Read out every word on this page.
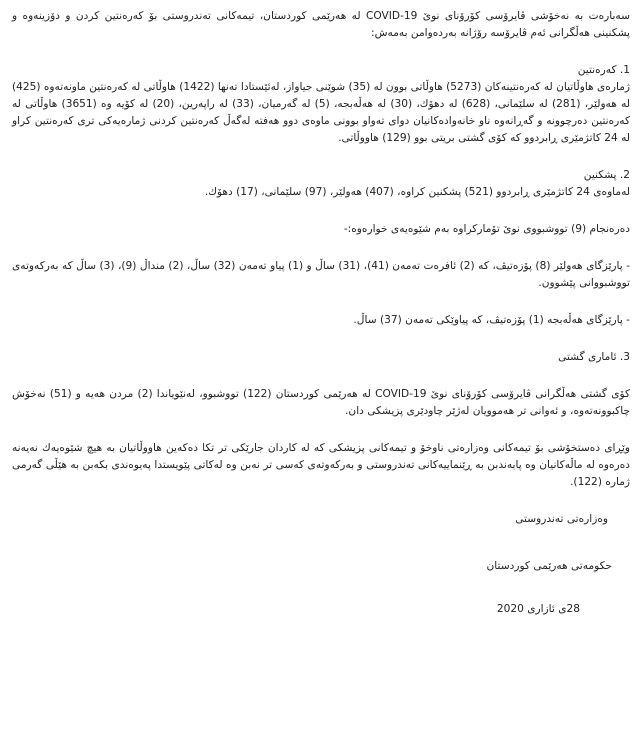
سەبارەت بە نەخۆشی ڤایرۆسی کۆرۆنای نوێ COVID-19 لە هەرێمی کوردستان، تیمەکانی تەندروستی بۆ کەرەنتین کردن و دۆزینەوە و پشکنینی هەڵگرانی ئەم ڤایرۆسە رۆژانە بەردەوامن بەمەش:

1. کەرەنتین

ژمارەی هاوڵاتیان لە کەرەنتینەکان (5273) هاوڵاتی بوون لە (35) شوێنی جیاواز، لەئێستادا تەنها (1422) هاوڵاتی لە کەرەنتین ماونەتەوە (425) لە هەولێر، (281) لە سلێمانی، (628) لە دهۆك، (30) لە هەڵەبجە، (5) لە گەرمیان، (33) لە راپەرین، (20) لە کۆیە وە (3651) هاوڵاتی لە کەرەنتین دەرچوونە و گەڕانەوە ناو خانەوادەکانیان دوای تەواو بوونی ماوەی دوو هەفتە لەگەڵ کەرەنتین کردنی ژمارەیەکی تری کەرەنتین کراو لە 24 کاتژمێری ڕابردوو کە کۆی گشتی بریتی بوو (129) هاووڵاتی.

2. پشکنین

لەماوەی 24 کاتژمێری ڕابردوو (521) پشکنین کراوە، (407) هەولێر، (97) سلێمانی، (17) دهۆك.

دەرەنجام (9) تووشبووی نوێ تۆمارکراوە بەم شێوەیەی خوارەوە:-

- پارێزگای هەولێر (8) پۆزەتیڤ، کە (2) ئافرەت تەمەن (41)، (31) ساڵ و (1) پیاو تەمەن (32) ساڵ، (2) منداڵ (9)، (3) ساڵ کە بەرکەوتەی تووشبووانی پێشوون.

- پارێزگای هەڵەبجە (1) پۆزەتیڤ، کە پیاوێکی تەمەن (37) ساڵ.

3. ئاماری گشتی

کۆی گشتی هەڵگرانی ڤایرۆسی کۆرۆنای نوێ COVID-19 لە هەرێمی کوردستان (122) تووشبوو، لەنێویاندا (2) مردن هەیە و (51) نەخۆش چاکبوونەتەوە، و ئەوانی تر هەموویان لەژێر چاودێری پزیشکی دان.

وێڕای دەستخۆشی بۆ تیمەکانی وەزارەتی ناوخۆ و تیمەکانی پزیشکی کە لە کاردان جارێکی تر تکا دەکەین هاووڵاتیان بە هیچ شێوەیەك نەیەنە دەرەوە لە ماڵەکانیان وە پابەندبن بە ڕێنماییەکانی تەندروستی و بەرکەوتەی کەسی تر نەبن وە لەکاتی پێویستدا پەیوەندی بکەبن بە هێڵی گەرمی ژمارە (122).

وەزارەتی تەندروستی
حکومەتی هەرێمی کوردستان
28ی ئازاری 2020
